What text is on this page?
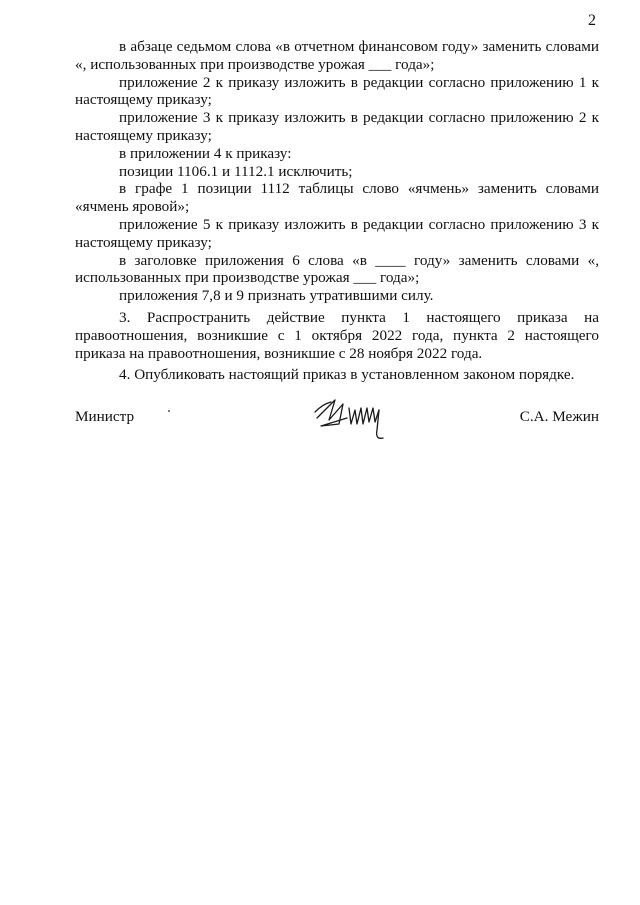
2

в абзаце седьмом слова «в отчетном финансовом году» заменить словами «, использованных при производстве урожая ___ года»;

приложение 2 к приказу изложить в редакции согласно приложению 1 к настоящему приказу;

приложение 3 к приказу изложить в редакции согласно приложению 2 к настоящему приказу;

в приложении 4 к приказу:

позиции 1106.1 и 1112.1 исключить;

в графе 1 позиции 1112 таблицы слово «ячмень» заменить словами «ячмень яровой»;

приложение 5 к приказу изложить в редакции согласно приложению 3 к настоящему приказу;

в заголовке приложения 6 слова «в ____ году» заменить словами «, использованных при производстве урожая ___ года»;

приложения 7,8 и 9 признать утратившими силу.

3. Распространить действие пункта 1 настоящего приказа на правоотношения, возникшие с 1 октября 2022 года, пункта 2 настоящего приказа на правоотношения, возникшие с 28 ноября 2022 года.

4. Опубликовать настоящий приказ в установленном законом порядке.

Министр	С.А. Межин
